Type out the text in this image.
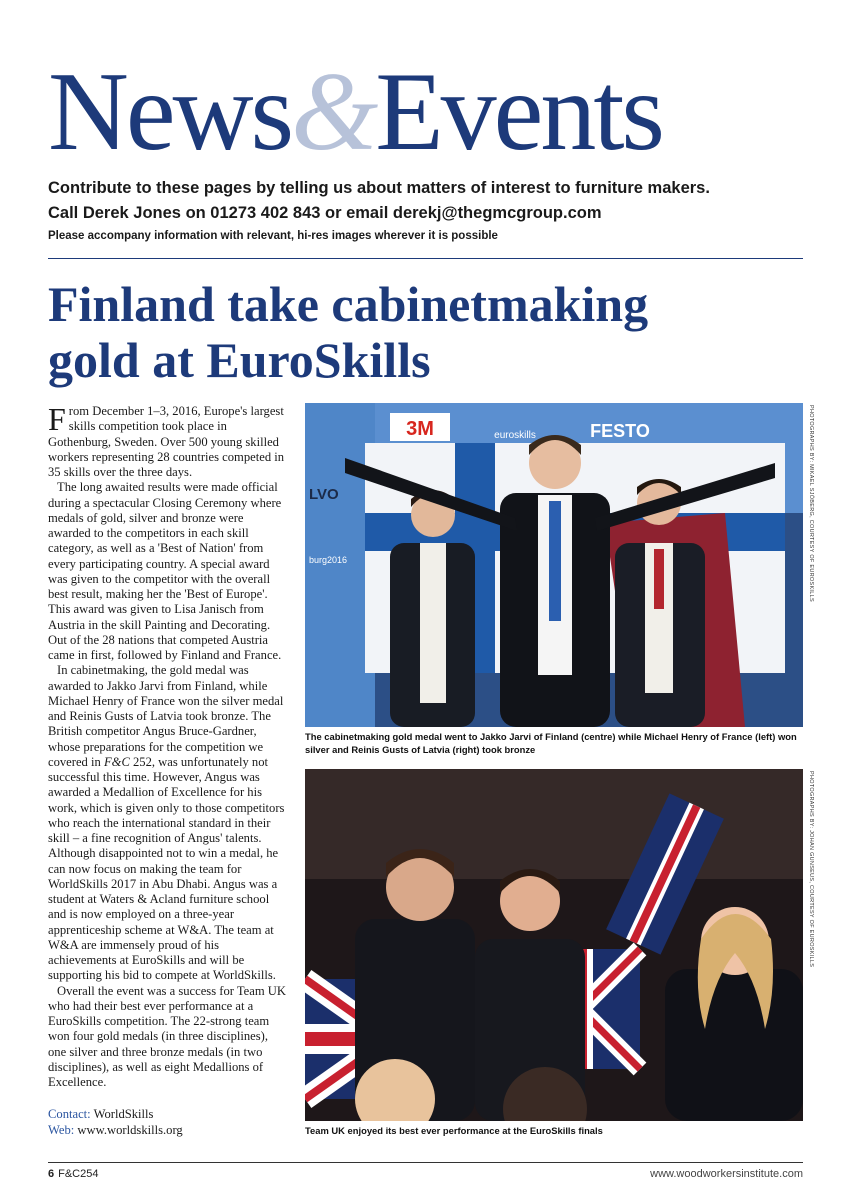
News&Events
Contribute to these pages by telling us about matters of interest to furniture makers.
Call Derek Jones on 01273 402 843 or email derekj@thegmcgroup.com
Please accompany information with relevant, hi-res images wherever it is possible
Finland take cabinetmaking
gold at EuroSkills

From December 1–3, 2016, Europe's largest skills competition took place in Gothenburg, Sweden. Over 500 young skilled workers representing 28 countries competed in 35 skills over the three days.

The long awaited results were made official during a spectacular Closing Ceremony where medals of gold, silver and bronze were awarded to the competitors in each skill category, as well as a 'Best of Nation' from every participating country. A special award was given to the competitor with the overall best result, making her the 'Best of Europe'. This award was given to Lisa Janisch from Austria in the skill Painting and Decorating. Out of the 28 nations that competed Austria came in first, followed by Finland and France.

In cabinetmaking, the gold medal was awarded to Jakko Jarvi from Finland, while Michael Henry of France won the silver medal and Reinis Gusts of Latvia took bronze. The British competitor Angus Bruce-Gardner, whose preparations for the competition we covered in F&C 252, was unfortunately not successful this time. However, Angus was awarded a Medallion of Excellence for his work, which is given only to those competitors who reach the international standard in their skill – a fine recognition of Angus' talents. Although disappointed not to win a medal, he can now focus on making the team for WorldSkills 2017 in Abu Dhabi. Angus was a student at Waters & Acland furniture school and is now employed on a three-year apprenticeship scheme at W&A. The team at W&A are immensely proud of his achievements at EuroSkills and will be supporting his bid to compete at WorldSkills.

Overall the event was a success for Team UK who had their best ever performance at a EuroSkills competition. The 22-strong team won four gold medals (in three disciplines), one silver and three bronze medals (in two disciplines), as well as eight Medallions of Excellence.

Contact: WorldSkills
Web: www.worldskills.org
3M	FESTO
euroskills
LVO
burg2016
The cabinetmaking gold medal went to Jakko Jarvi of Finland (centre) while Michael Henry of France (left) won silver and Reinis Gusts of Latvia (right) took bronze
PHOTOGRAPHS BY: MIKAEL SJÖBERG, COURTESY OF EUROSKILLS
Team UK enjoyed its best ever performance at the EuroSkills finals
PHOTOGRAPHS BY: JOHAN GUNSEUS, COURTESY OF EUROSKILLS
6 F&C254	www.woodworkersinstitute.com
